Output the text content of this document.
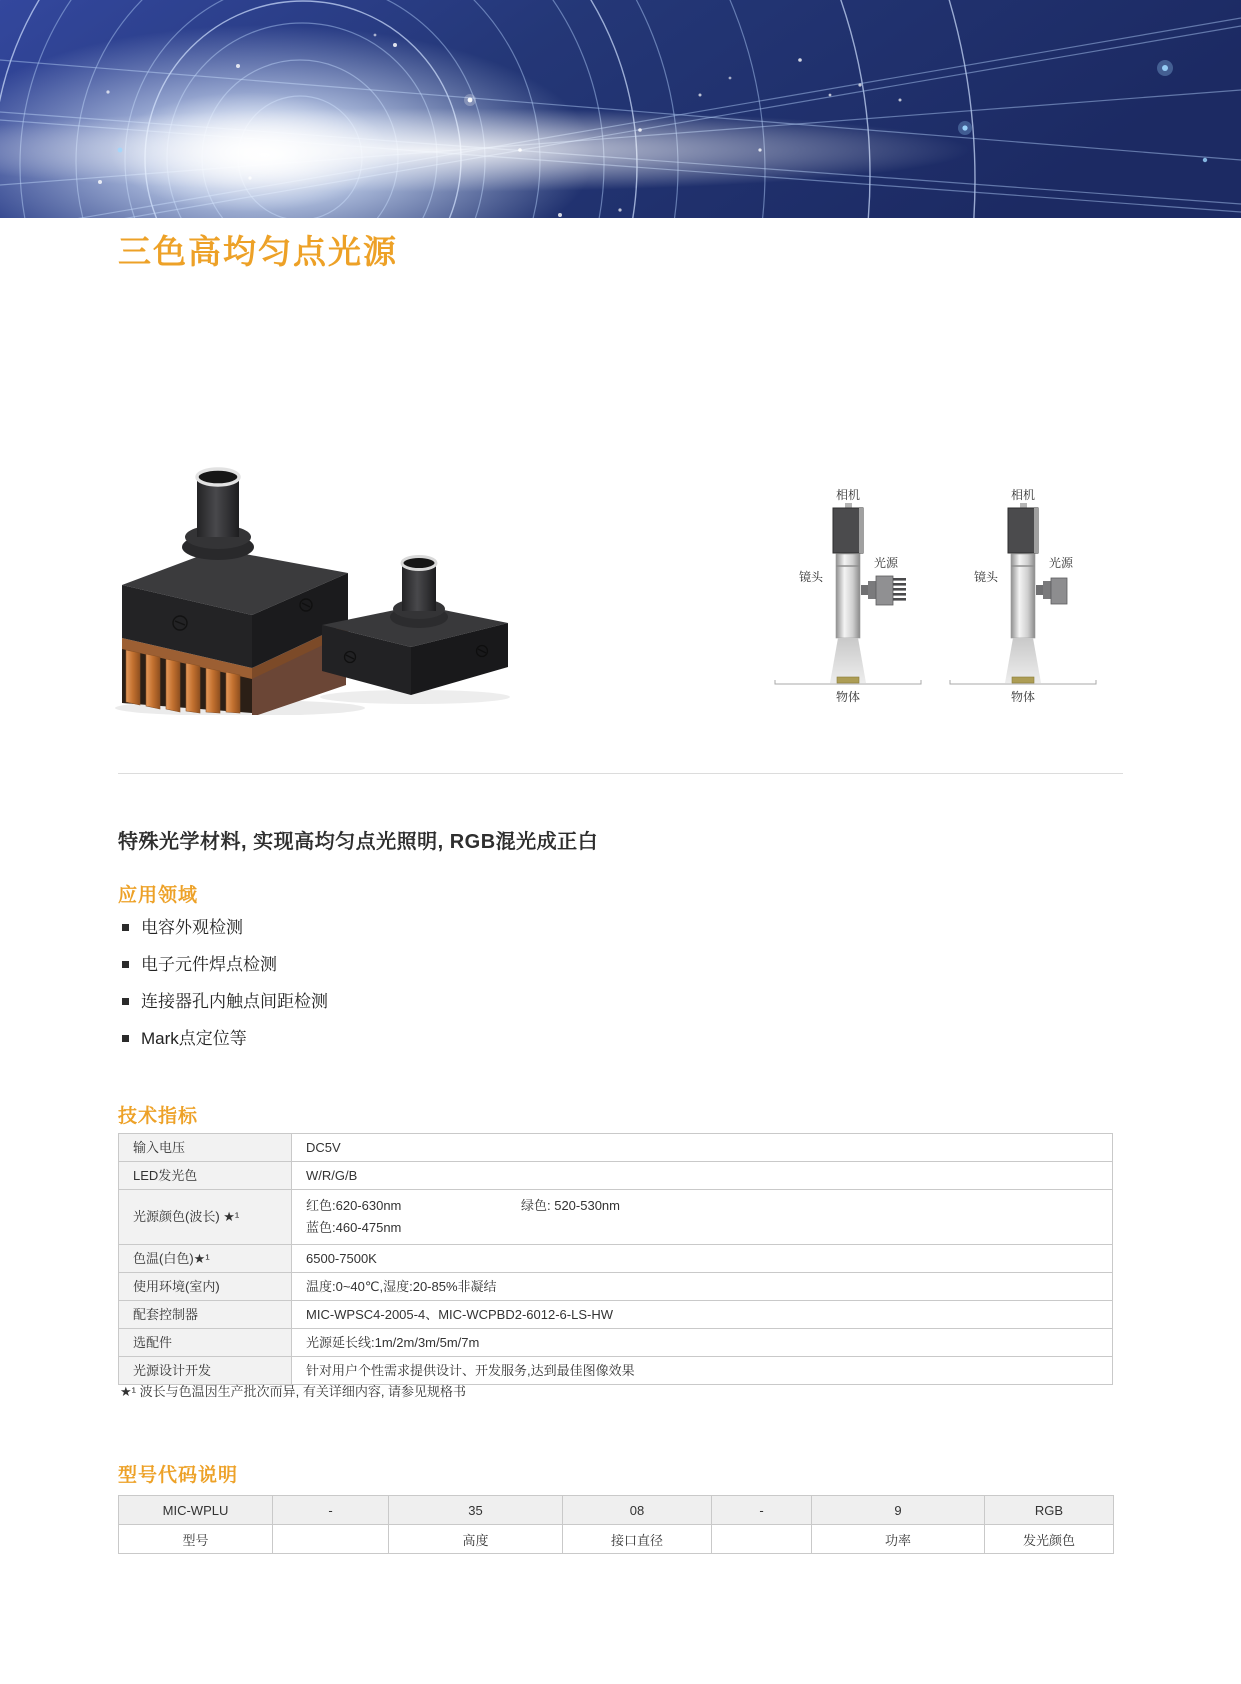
三色高均匀点光源
相机
镜头
光源
物体
相机
镜头
光源
物体
特殊光学材料, 实现高均匀点光照明, RGB混光成正白
应用领域
电容外观检测
电子元件焊点检测
连接器孔内触点间距检测
Mark点定位等
技术指标
输入电压	DC5V
LED发光色	W/R/G/B
光源颜色(波长) ★¹	红色:620-630nm 绿色: 520-530nm
蓝色:460-475nm

色温(白色)★¹	6500-7500K
使用环境(室内)	温度:0~40℃,湿度:20-85%非凝结
配套控制器	MIC-WPSC4-2005-4、MIC-WCPBD2-6012-6-LS-HW
选配件	光源延长线:1m/2m/3m/5m/7m
光源设计开发	针对用户个性需求提供设计、开发服务,达到最佳图像效果
★¹ 波长与色温因生产批次而异, 有关详细内容, 请参见规格书
型号代码说明
MIC-WPLU	-	35	08	-	9	RGB
型号		高度	接口直径		功率	发光颜色
